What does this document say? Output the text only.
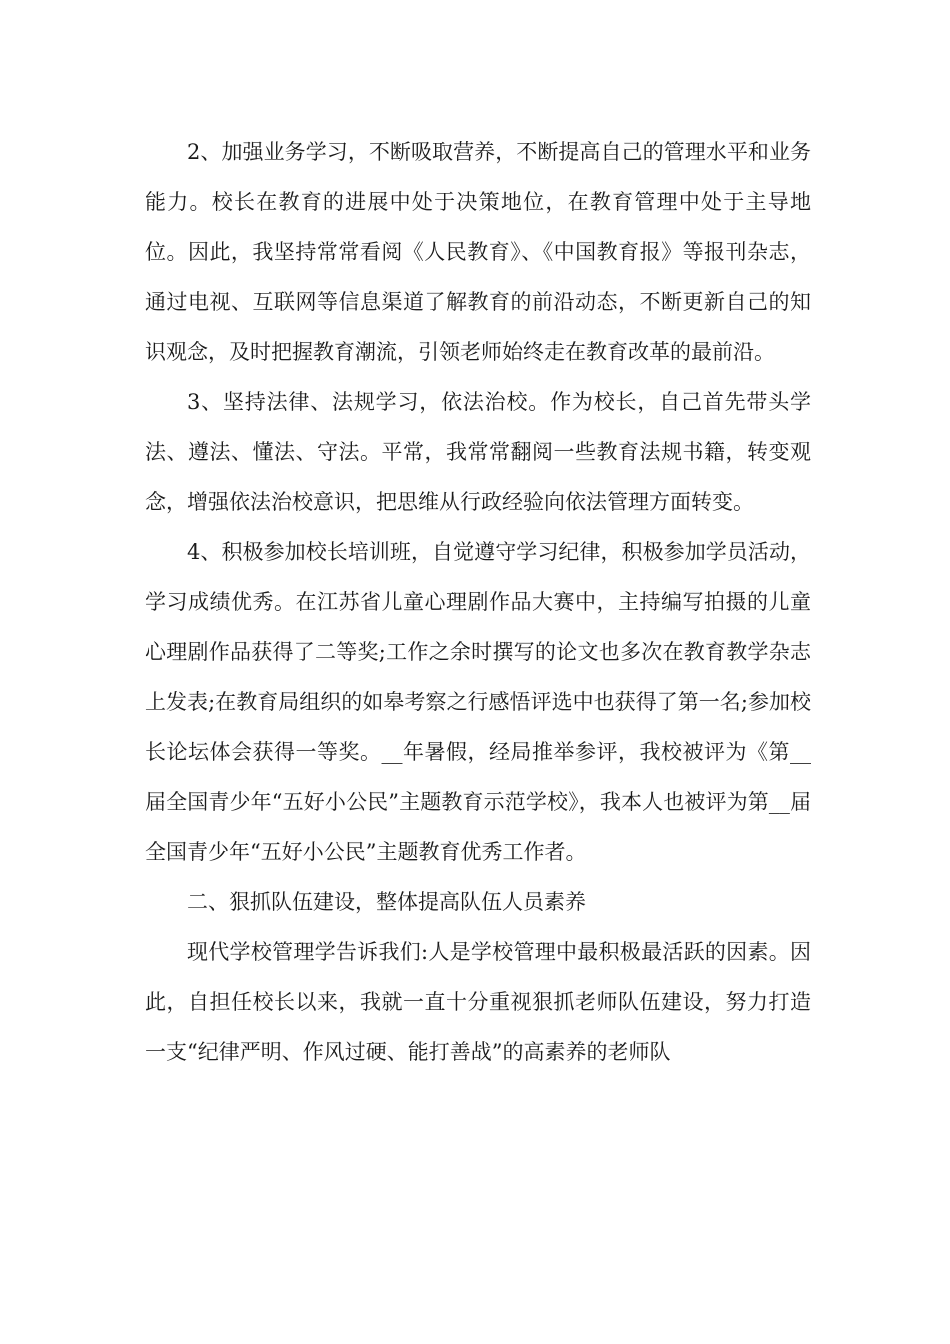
2、加强业务学习，不断吸取营养，不断提高自己的管理水平和业务能力。校长在教育的进展中处于决策地位，在教育管理中处于主导地位。因此，我坚持常常看阅《人民教育》、《中国教育报》等报刊杂志，通过电视、互联网等信息渠道了解教育的前沿动态，不断更新自己的知识观念，及时把握教育潮流，引领老师始终走在教育改革的最前沿。

3、坚持法律、法规学习，依法治校。作为校长，自己首先带头学法、遵法、懂法、守法。平常，我常常翻阅一些教育法规书籍，转变观念，增强依法治校意识，把思维从行政经验向依法管理方面转变。

4、积极参加校长培训班，自觉遵守学习纪律，积极参加学员活动，学习成绩优秀。在江苏省儿童心理剧作品大赛中，主持编写拍摄的儿童心理剧作品获得了二等奖;工作之余时撰写的论文也多次在教育教学杂志上发表;在教育局组织的如皋考察之行感悟评选中也获得了第一名;参加校长论坛体会获得一等奖。__年暑假，经局推举参评，我校被评为《第__届全国青少年“五好小公民”主题教育示范学校》，我本人也被评为第__届全国青少年“五好小公民”主题教育优秀工作者。

二、狠抓队伍建设，整体提高队伍人员素养

现代学校管理学告诉我们:人是学校管理中最积极最活跃的因素。因此，自担任校长以来，我就一直十分重视狠抓老师队伍建设，努力打造一支“纪律严明、作风过硬、能打善战”的高素养的老师队
